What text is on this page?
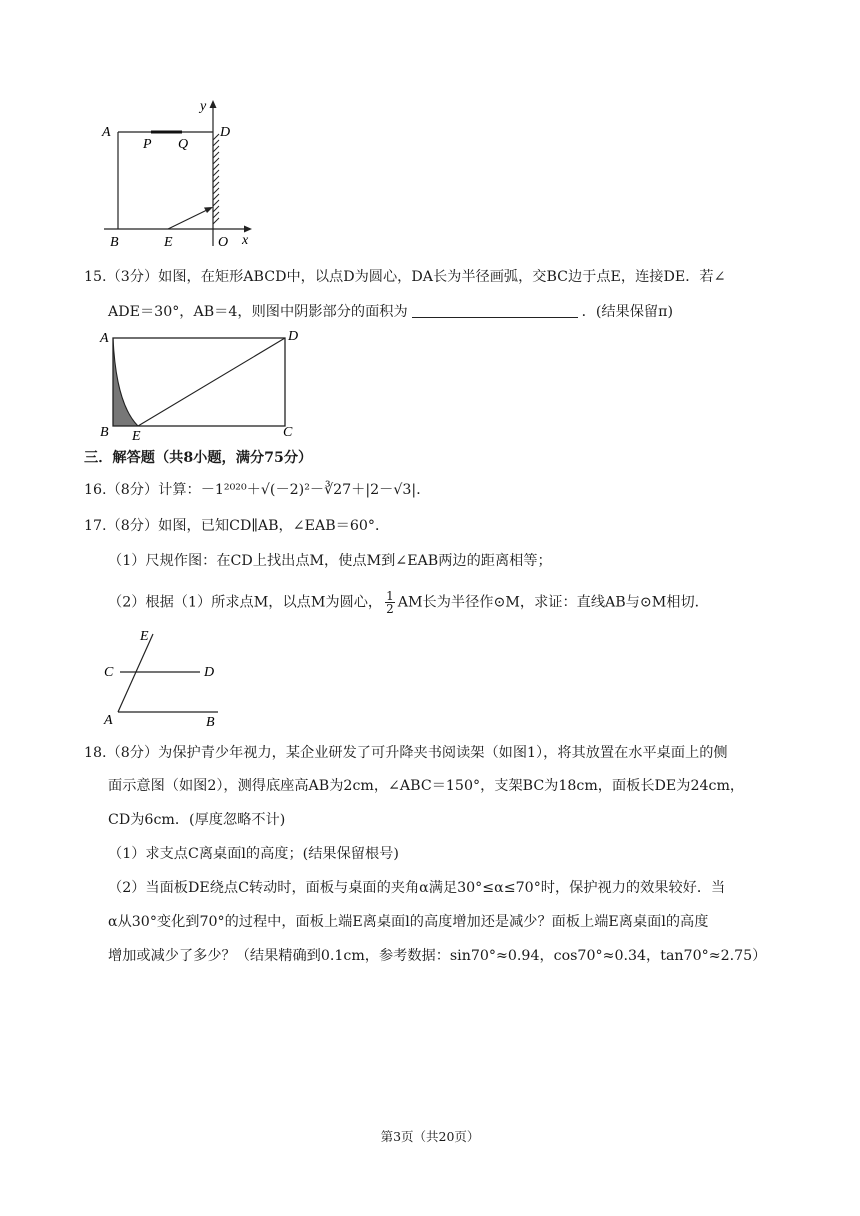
A
P Q
D
y
B	E	O x
15.（3分）如图，在矩形ABCD中，以点D为圆心，DA长为半径画弧，交BC边于点E，连接DE．若∠
ADE＝30°，AB＝4，则图中阴影部分的面积为	．(结果保留π)
A	D
B E	C
三．解答题（共8小题，满分75分）
16.（8分）计算：－1²⁰²⁰＋√(－2)²－∛27＋|2－√3|．
17.（8分）如图，已知CD∥AB，∠EAB＝60°．
（1）尺规作图：在CD上找出点M，使点M到∠EAB两边的距离相等；
（2）根据（1）所求点M，以点M为圆心， $\frac{1}{2}$ AM长为半径作⊙M，求证：直线AB与⊙M相切．
E
C	D
A	B
18.（8分）为保护青少年视力，某企业研发了可升降夹书阅读架（如图1），将其放置在水平桌面上的侧
面示意图（如图2），测得底座高AB为2cm，∠ABC＝150°，支架BC为18cm，面板长DE为24cm，
CD为6cm．(厚度忽略不计)
（1）求支点C离桌面l的高度；(结果保留根号)
（2）当面板DE绕点C转动时，面板与桌面的夹角α满足30°≤α≤70°时，保护视力的效果较好．当
α从30°变化到70°的过程中，面板上端E离桌面l的高度增加还是减少？面板上端E离桌面l的高度
增加或减少了多少？（结果精确到0.1cm，参考数据：sin70°≈0.94，cos70°≈0.34，tan70°≈2.75）
第3页（共20页）
